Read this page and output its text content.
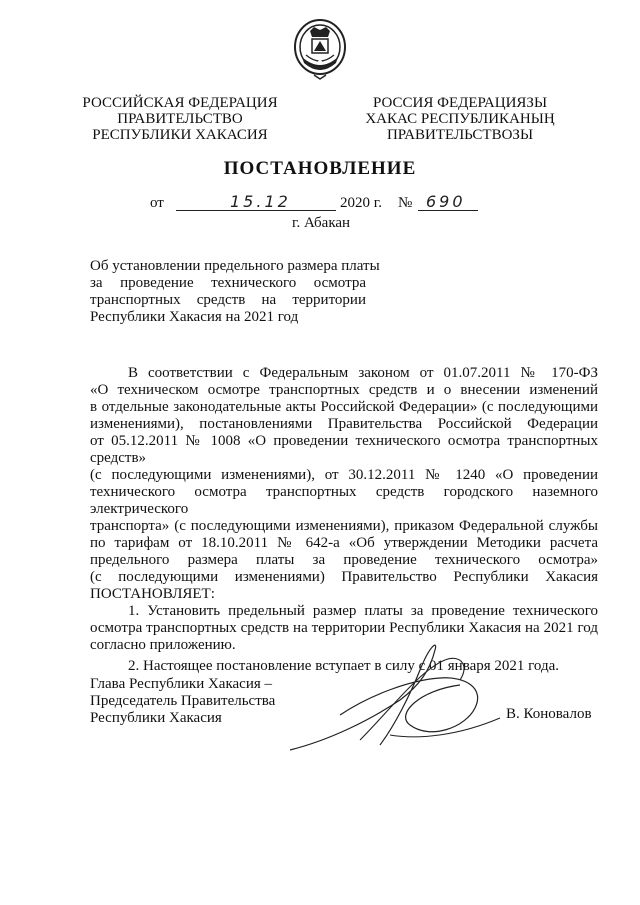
РОССИЙСКАЯ ФЕДЕРАЦИЯ
ПРАВИТЕЛЬСТВО
РЕСПУБЛИКИ ХАКАСИЯ
РОССИЯ ФЕДЕРАЦИЯЗЫ
ХАКАС РЕСПУБЛИКАНЫҢ
ПРАВИТЕЛЬСТВОЗЫ
ПОСТАНОВЛЕНИЕ
от	15.12	2020 г. № 690
г. Абакан
Об установлении предельного размера платы
за проведение технического осмотра
транспортных средств на территории
Республики Хакасия на 2021 год
В соответствии с Федеральным законом от 01.07.2011 № 170-ФЗ
«О техническом осмотре транспортных средств и о внесении изменений
в отдельные законодательные акты Российской Федерации» (с последующими
изменениями), постановлениями Правительства Российской Федерации
от 05.12.2011 № 1008 «О проведении технического осмотра транспортных средств»
(с последующими изменениями), от 30.12.2011 № 1240 «О проведении
технического осмотра транспортных средств городского наземного электрического
транспорта» (с последующими изменениями), приказом Федеральной службы
по тарифам от 18.10.2011 № 642-а «Об утверждении Методики расчета
предельного размера платы за проведение технического осмотра»
(с последующими изменениями) Правительство Республики Хакасия
ПОСТАНОВЛЯЕТ:
1. Установить предельный размер платы за проведение технического
осмотра транспортных средств на территории Республики Хакасия на 2021 год
согласно приложению.
2. Настоящее постановление вступает в силу с 01 января 2021 года.
Глава Республики Хакасия –
Председатель Правительства
Республики Хакасия	В. Коновалов
